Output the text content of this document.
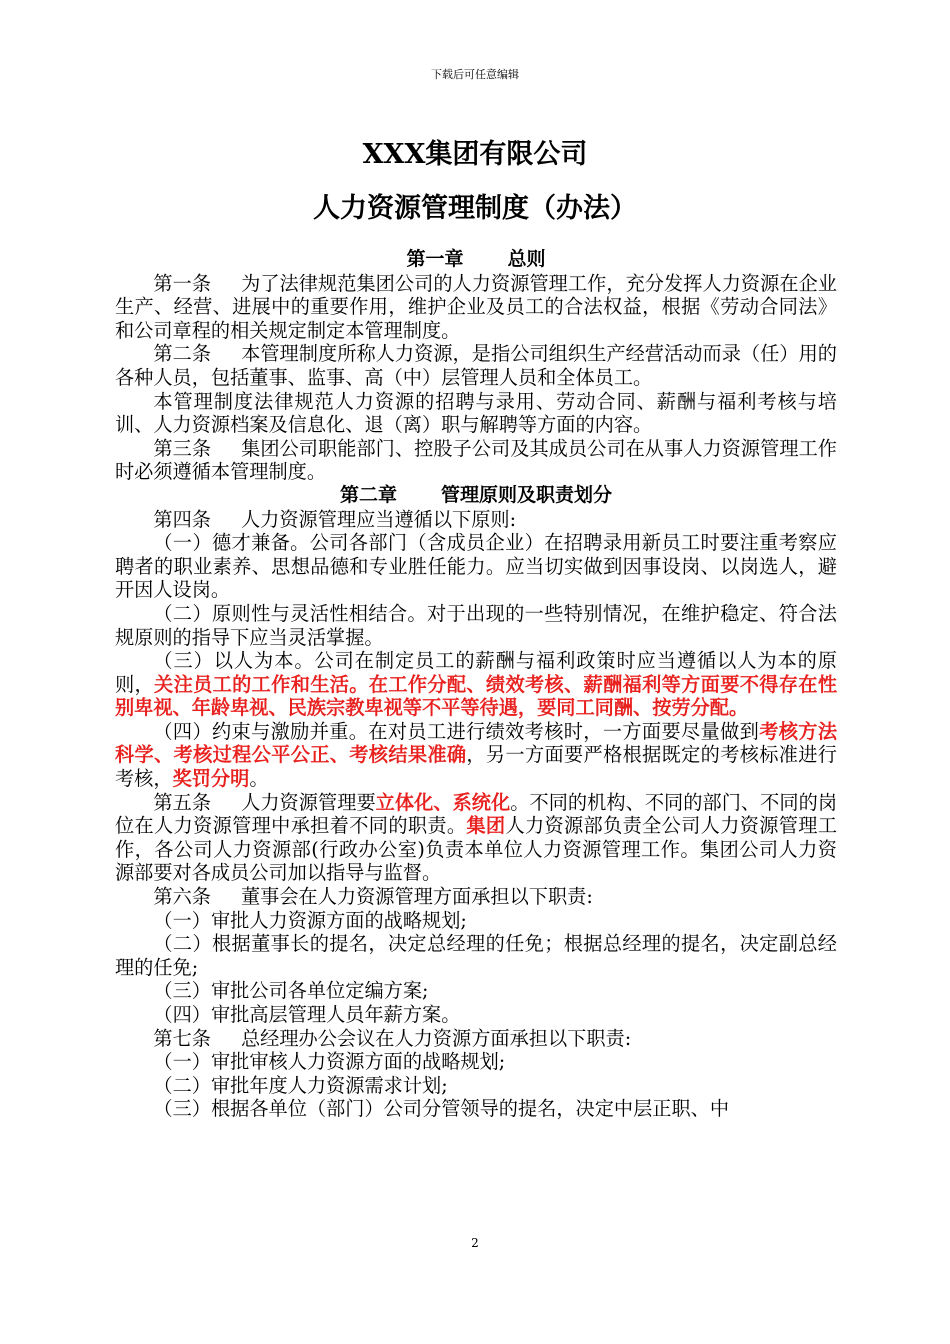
下载后可任意编辑
XXX集团有限公司
人力资源管理制度（办法）
第一章 总则

第一条 为了法律规范集团公司的人力资源管理工作，充分发挥人力资源在企业生产、经营、进展中的重要作用，维护企业及员工的合法权益，根据《劳动合同法》和公司章程的相关规定制定本管理制度。

第二条 本管理制度所称人力资源，是指公司组织生产经营活动而录（任）用的各种人员，包括董事、监事、高（中）层管理人员和全体员工。

本管理制度法律规范人力资源的招聘与录用、劳动合同、薪酬与福利考核与培训、人力资源档案及信息化、退（离）职与解聘等方面的内容。

第三条 集团公司职能部门、控股子公司及其成员公司在从事人力资源管理工作时必须遵循本管理制度。

第二章 管理原则及职责划分

第四条 人力资源管理应当遵循以下原则:

（一）德才兼备。公司各部门（含成员企业）在招聘录用新员工时要注重考察应聘者的职业素养、思想品德和专业胜任能力。应当切实做到因事设岗、以岗选人，避开因人设岗。

（二）原则性与灵活性相结合。对于出现的一些特别情况，在维护稳定、符合法规原则的指导下应当灵活掌握。

（三）以人为本。公司在制定员工的薪酬与福利政策时应当遵循以人为本的原则，关注员工的工作和生活。在工作分配、绩效考核、薪酬福利等方面要不得存在性别卑视、年龄卑视、民族宗教卑视等不平等待遇，要同工同酬、按劳分配。

（四）约束与激励并重。在对员工进行绩效考核时，一方面要尽量做到考核方法科学、考核过程公平公正、考核结果准确，另一方面要严格根据既定的考核标准进行考核，奖罚分明。

第五条 人力资源管理要立体化、系统化。不同的机构、不同的部门、不同的岗位在人力资源管理中承担着不同的职责。集团人力资源部负责全公司人力资源管理工作，各公司人力资源部(行政办公室)负责本单位人力资源管理工作。集团公司人力资源部要对各成员公司加以指导与监督。

第六条 董事会在人力资源管理方面承担以下职责:

（一）审批人力资源方面的战略规划;

（二）根据董事长的提名，决定总经理的任免；根据总经理的提名，决定副总经理的任免;

（三）审批公司各单位定编方案;

（四）审批高层管理人员年薪方案。

第七条 总经理办公会议在人力资源方面承担以下职责:

（一）审批审核人力资源方面的战略规划;

（二）审批年度人力资源需求计划;

（三）根据各单位（部门）公司分管领导的提名，决定中层正职、中

2
